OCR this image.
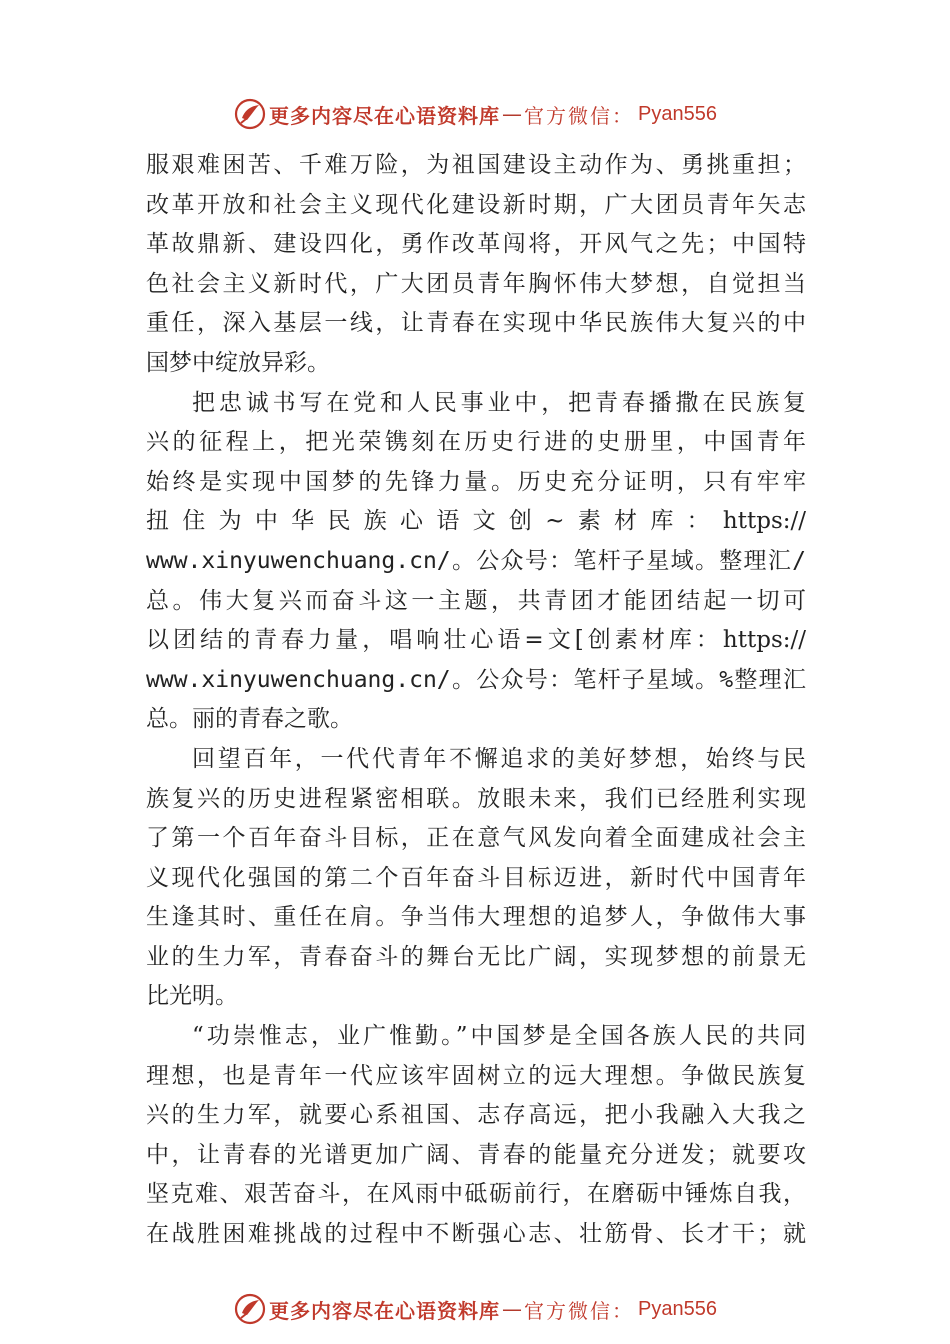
更多内容尽在心语资料库 — 官方微信： Pyan556
服艰难困苦、千难万险，为祖国建设主动作为、勇挑重担；
改革开放和社会主义现代化建设新时期，广大团员青年矢志
革故鼎新、建设四化，勇作改革闯将，开风气之先；中国特
色社会主义新时代，广大团员青年胸怀伟大梦想，自觉担当
重任，深入基层一线，让青春在实现中华民族伟大复兴的中
国梦中绽放异彩。
把忠诚书写在党和人民事业中，把青春播撒在民族复
兴的征程上，把光荣镌刻在历史行进的史册里，中国青年
始终是实现中国梦的先锋力量。历史充分证明，只有牢牢
扭住为中华民族心语文创~素材库：https://
www.xinyuwenchuang.cn/。公众号：笔杆子星域。整理汇/
总。伟大复兴而奋斗这一主题，共青团才能团结起一切可
以团结的青春力量，唱响壮心语=文[创素材库：https://
www.xinyuwenchuang.cn/。公众号：笔杆子星域。%整理汇
总。丽的青春之歌。
回望百年，一代代青年不懈追求的美好梦想，始终与民
族复兴的历史进程紧密相联。放眼未来，我们已经胜利实现
了第一个百年奋斗目标，正在意气风发向着全面建成社会主
义现代化强国的第二个百年奋斗目标迈进，新时代中国青年
生逢其时、重任在肩。争当伟大理想的追梦人，争做伟大事
业的生力军，青春奋斗的舞台无比广阔，实现梦想的前景无
比光明。
“功崇惟志，业广惟勤。”中国梦是全国各族人民的共同
理想，也是青年一代应该牢固树立的远大理想。争做民族复
兴的生力军，就要心系祖国、志存高远，把小我融入大我之
中，让青春的光谱更加广阔、青春的能量充分迸发；就要攻
坚克难、艰苦奋斗，在风雨中砥砺前行，在磨砺中锤炼自我，
在战胜困难挑战的过程中不断强心志、壮筋骨、长才干；就
更多内容尽在心语资料库 — 官方微信： Pyan556
